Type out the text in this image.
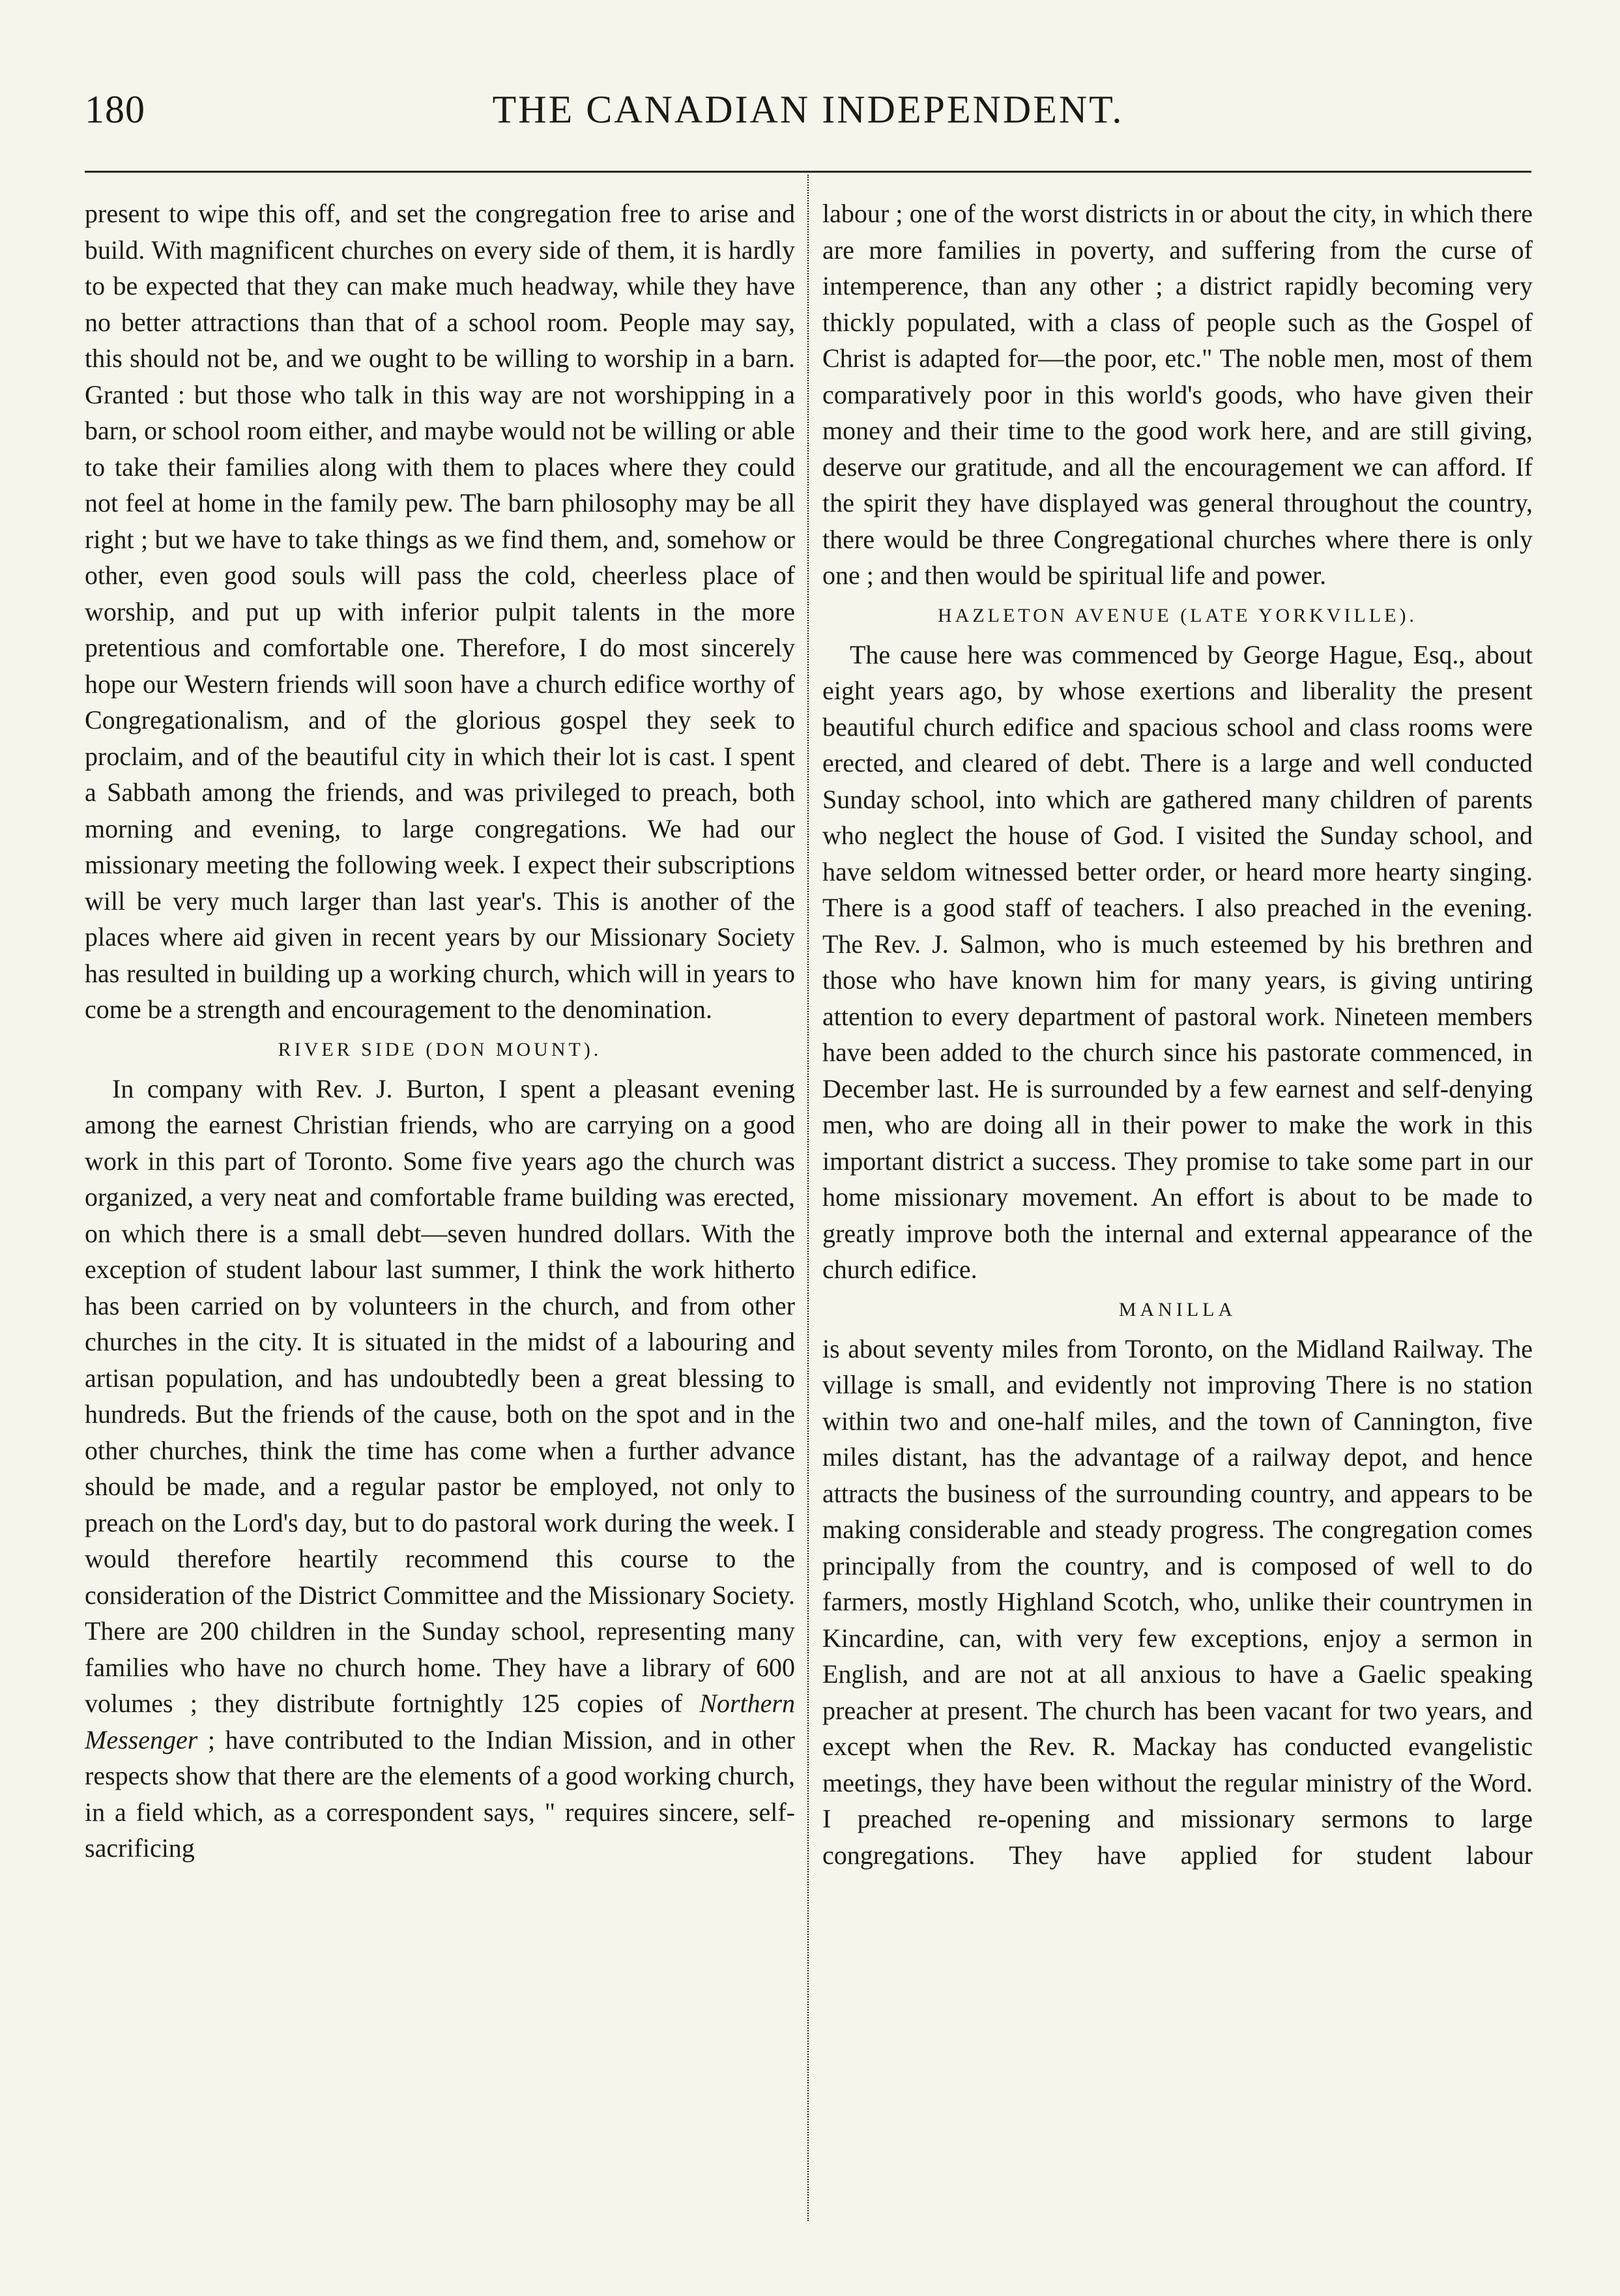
180	THE CANADIAN INDEPENDENT.

present to wipe this off, and set the congregation free to arise and build. With magnificent churches on every side of them, it is hardly to be expected that they can make much headway, while they have no better attractions than that of a school room. People may say, this should not be, and we ought to be willing to worship in a barn. Granted : but those who talk in this way are not worshipping in a barn, or school room either, and maybe would not be willing or able to take their families along with them to places where they could not feel at home in the family pew. The barn philosophy may be all right ; but we have to take things as we find them, and, somehow or other, even good souls will pass the cold, cheerless place of worship, and put up with inferior pulpit talents in the more pretentious and comfortable one. Therefore, I do most sincerely hope our Western friends will soon have a church edifice worthy of Congregationalism, and of the glorious gospel they seek to proclaim, and of the beautiful city in which their lot is cast. I spent a Sabbath among the friends, and was privileged to preach, both morning and evening, to large congregations. We had our missionary meeting the following week. I expect their subscriptions will be very much larger than last year's. This is another of the places where aid given in recent years by our Missionary Society has resulted in building up a working church, which will in years to come be a strength and encouragement to the denomination.

RIVER SIDE (DON MOUNT).

In company with Rev. J. Burton, I spent a pleasant evening among the earnest Christian friends, who are carrying on a good work in this part of Toronto. Some five years ago the church was organized, a very neat and comfortable frame building was erected, on which there is a small debt—seven hundred dollars. With the exception of student labour last summer, I think the work hitherto has been carried on by volunteers in the church, and from other churches in the city. It is situated in the midst of a labouring and artisan population, and has undoubtedly been a great blessing to hundreds. But the friends of the cause, both on the spot and in the other churches, think the time has come when a further advance should be made, and a regular pastor be employed, not only to preach on the Lord's day, but to do pastoral work during the week. I would therefore heartily recommend this course to the consideration of the District Committee and the Missionary Society. There are 200 children in the Sunday school, representing many families who have no church home. They have a library of 600 volumes ; they distribute fortnightly 125 copies of Northern Messenger ; have contributed to the Indian Mission, and in other respects show that there are the elements of a good working church, in a field which, as a correspondent says, " requires sincere, self-sacrificing

labour ; one of the worst districts in or about the city, in which there are more families in poverty, and suffering from the curse of intemperence, than any other ; a district rapidly becoming very thickly populated, with a class of people such as the Gospel of Christ is adapted for—the poor, etc." The noble men, most of them comparatively poor in this world's goods, who have given their money and their time to the good work here, and are still giving, deserve our gratitude, and all the encouragement we can afford. If the spirit they have displayed was general throughout the country, there would be three Congregational churches where there is only one ; and then would be spiritual life and power.

HAZLETON AVENUE (LATE YORKVILLE).

The cause here was commenced by George Hague, Esq., about eight years ago, by whose exertions and liberality the present beautiful church edifice and spacious school and class rooms were erected, and cleared of debt. There is a large and well conducted Sunday school, into which are gathered many children of parents who neglect the house of God. I visited the Sunday school, and have seldom witnessed better order, or heard more hearty singing. There is a good staff of teachers. I also preached in the evening. The Rev. J. Salmon, who is much esteemed by his brethren and those who have known him for many years, is giving untiring attention to every department of pastoral work. Nineteen members have been added to the church since his pastorate commenced, in December last. He is surrounded by a few earnest and self-denying men, who are doing all in their power to make the work in this important district a success. They promise to take some part in our home missionary movement. An effort is about to be made to greatly improve both the internal and external appearance of the church edifice.

MANILLA

is about seventy miles from Toronto, on the Midland Railway. The village is small, and evidently not improving There is no station within two and one-half miles, and the town of Cannington, five miles distant, has the advantage of a railway depot, and hence attracts the business of the surrounding country, and appears to be making considerable and steady progress. The congregation comes principally from the country, and is composed of well to do farmers, mostly Highland Scotch, who, unlike their countrymen in Kincardine, can, with very few exceptions, enjoy a sermon in English, and are not at all anxious to have a Gaelic speaking preacher at present. The church has been vacant for two years, and except when the Rev. R. Mackay has conducted evangelistic meetings, they have been without the regular ministry of the Word. I preached re-opening and missionary sermons to large congregations. They have applied for student labour
